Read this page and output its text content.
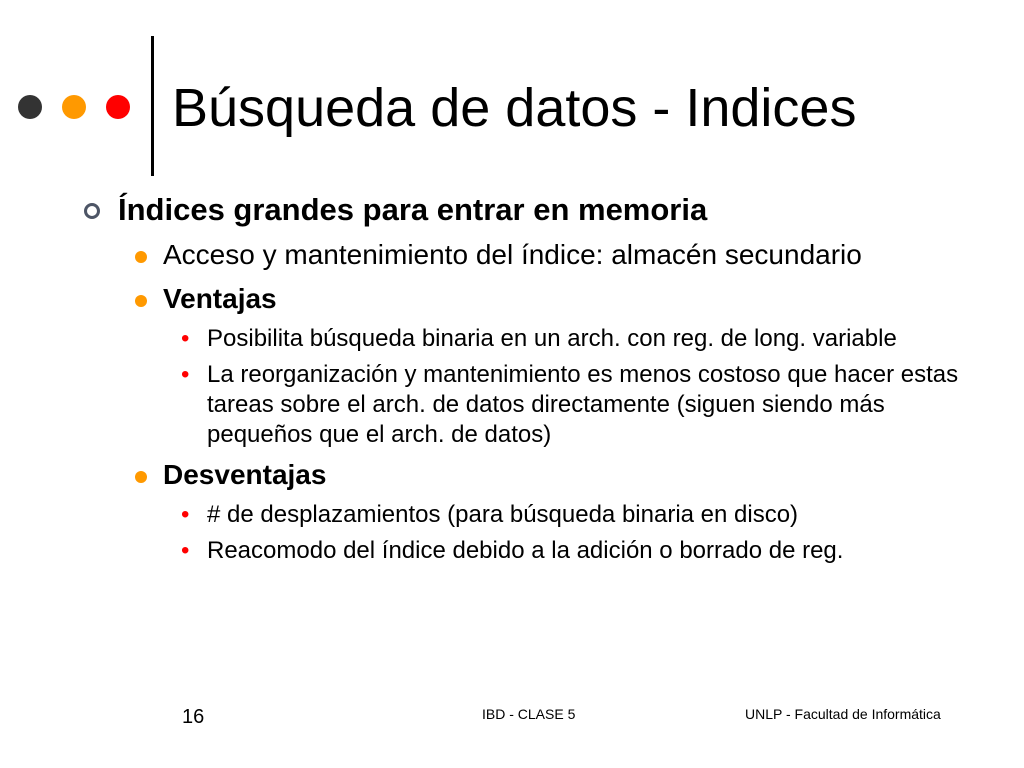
Búsqueda de datos - Indices
Índices grandes para entrar en memoria
Acceso y mantenimiento del índice: almacén secundario
Ventajas
• Posibilita búsqueda binaria en un arch. con reg. de long. variable
• La reorganización y mantenimiento es menos costoso que hacer estas tareas sobre el arch. de datos directamente (siguen siendo más pequeños que el arch. de datos)
Desventajas
• # de desplazamientos (para búsqueda binaria en disco)
• Reacomodo del índice debido a la adición o borrado de reg.
16	IBD - CLASE 5	UNLP - Facultad de Informática
